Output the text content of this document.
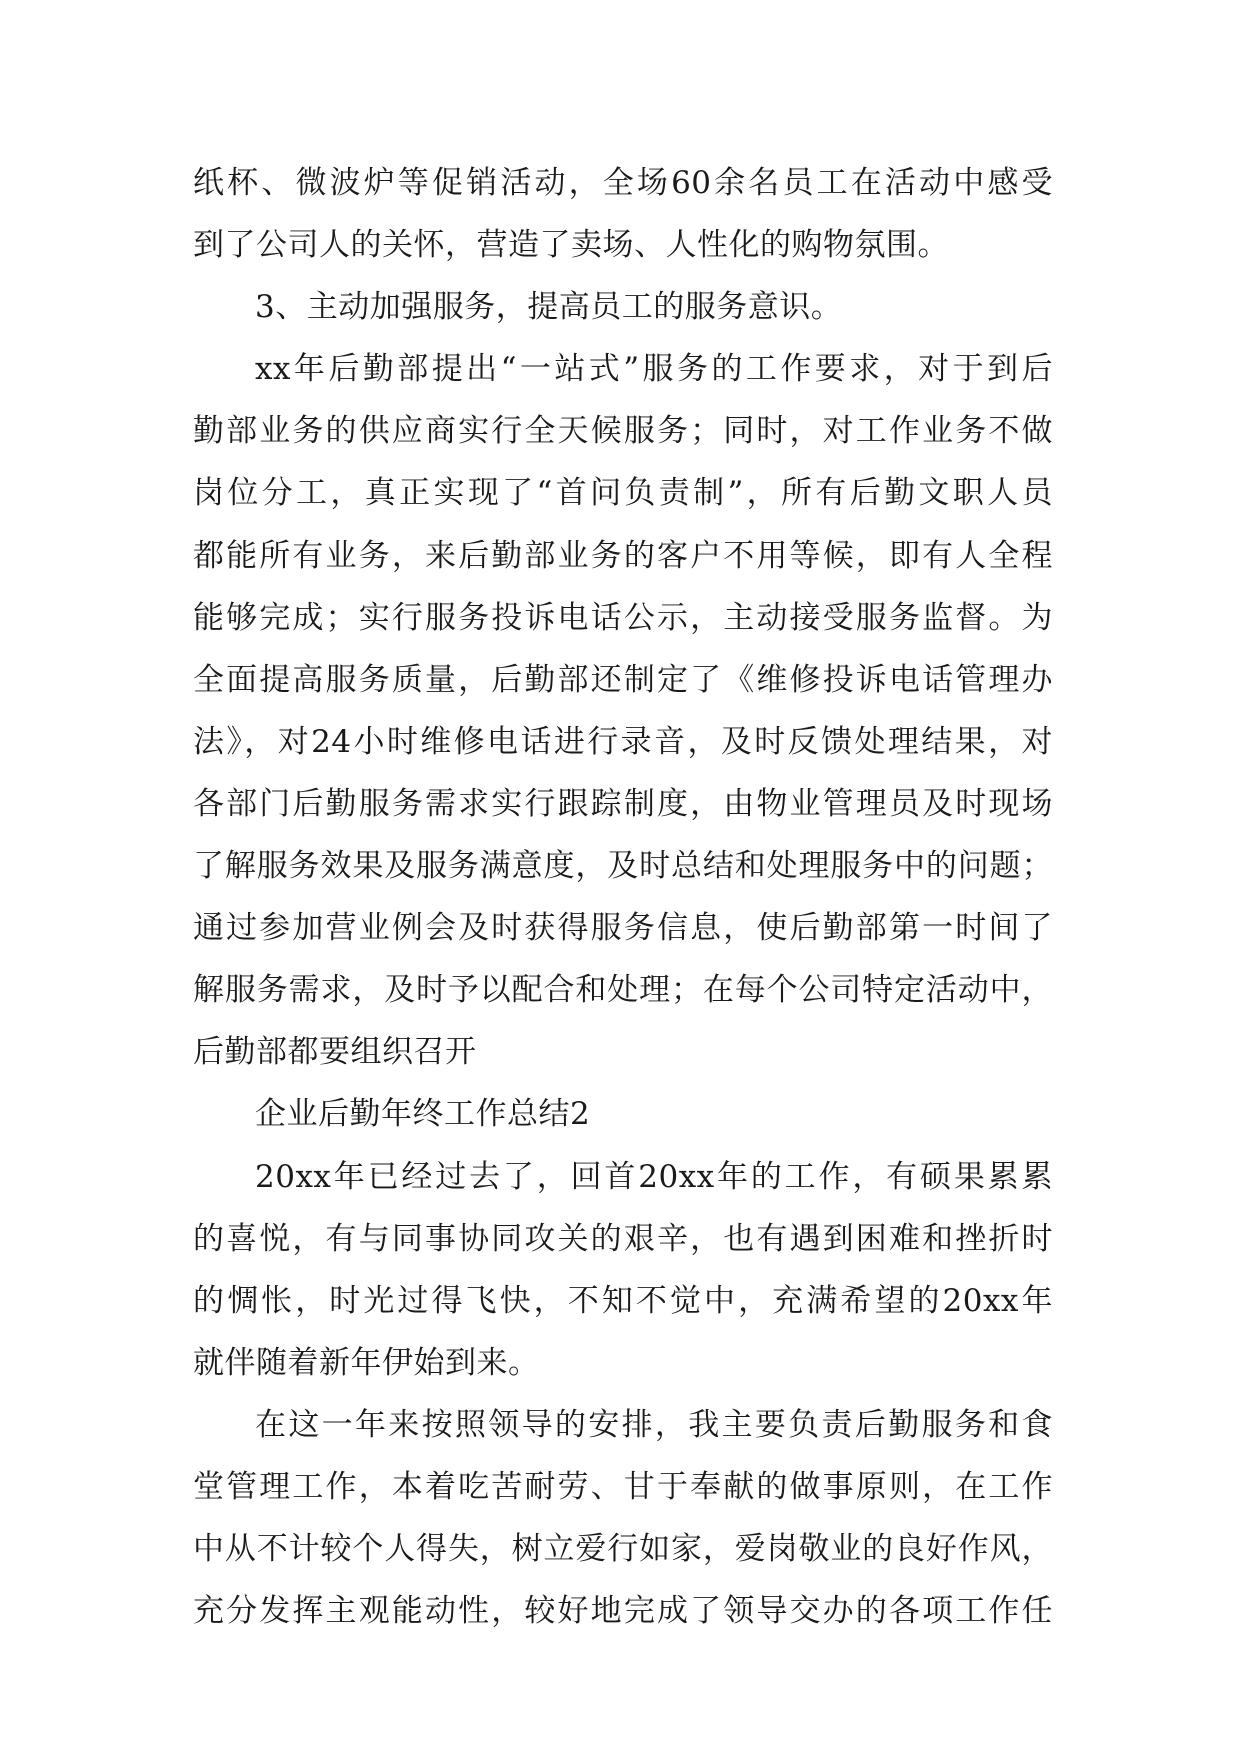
纸杯、微波炉等促销活动，全场60余名员工在活动中感受
到了公司人的关怀，营造了卖场、人性化的购物氛围。
3、主动加强服务，提高员工的服务意识。
xx年后勤部提出“一站式”服务的工作要求，对于到后
勤部业务的供应商实行全天候服务；同时，对工作业务不做
岗位分工，真正实现了“首问负责制”，所有后勤文职人员
都能所有业务，来后勤部业务的客户不用等候，即有人全程
能够完成；实行服务投诉电话公示，主动接受服务监督。为
全面提高服务质量，后勤部还制定了《维修投诉电话管理办
法》，对24小时维修电话进行录音，及时反馈处理结果，对
各部门后勤服务需求实行跟踪制度，由物业管理员及时现场
了解服务效果及服务满意度，及时总结和处理服务中的问题；
通过参加营业例会及时获得服务信息，使后勤部第一时间了
解服务需求，及时予以配合和处理；在每个公司特定活动中，
后勤部都要组织召开
企业后勤年终工作总结2
20xx年已经过去了，回首20xx年的工作，有硕果累累
的喜悦，有与同事协同攻关的艰辛，也有遇到困难和挫折时
的惆怅，时光过得飞快，不知不觉中，充满希望的20xx年
就伴随着新年伊始到来。
在这一年来按照领导的安排，我主要负责后勤服务和食
堂管理工作，本着吃苦耐劳、甘于奉献的做事原则，在工作
中从不计较个人得失，树立爱行如家，爱岗敬业的良好作风，
充分发挥主观能动性，较好地完成了领导交办的各项工作任
